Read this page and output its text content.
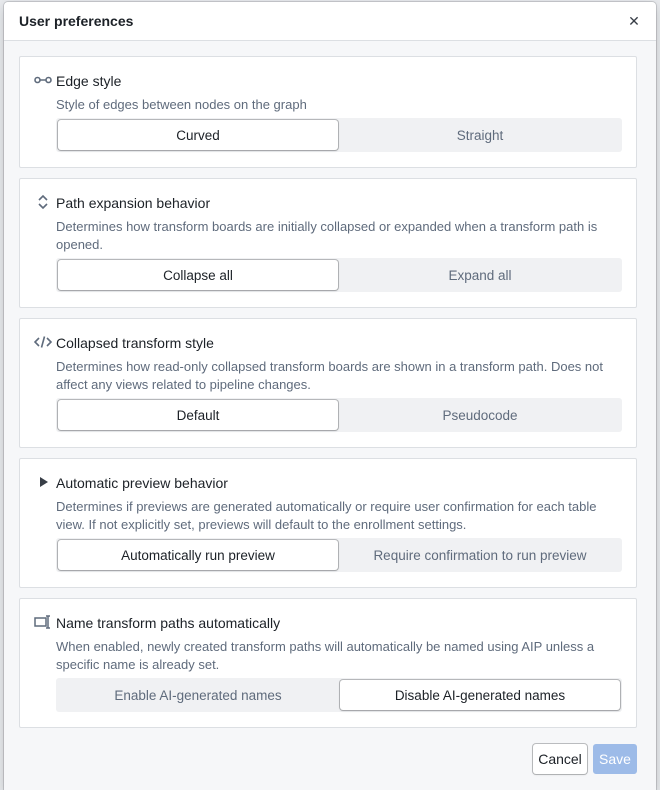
User preferences	✕
Edge style
Style of edges between nodes on the graph
Curved	Straight
Path expansion behavior
Determines how transform boards are initially collapsed or expanded when a transform path is opened.
Collapse all	Expand all
Collapsed transform style
Determines how read-only collapsed transform boards are shown in a transform path. Does not affect any views related to pipeline changes.
Default	Pseudocode
Automatic preview behavior
Determines if previews are generated automatically or require user confirmation for each table view. If not explicitly set, previews will default to the enrollment settings.
Automatically run preview	Require confirmation to run preview
Name transform paths automatically
When enabled, newly created transform paths will automatically be named using AIP unless a specific name is already set.
Enable AI-generated names	Disable AI-generated names
Cancel	Save
